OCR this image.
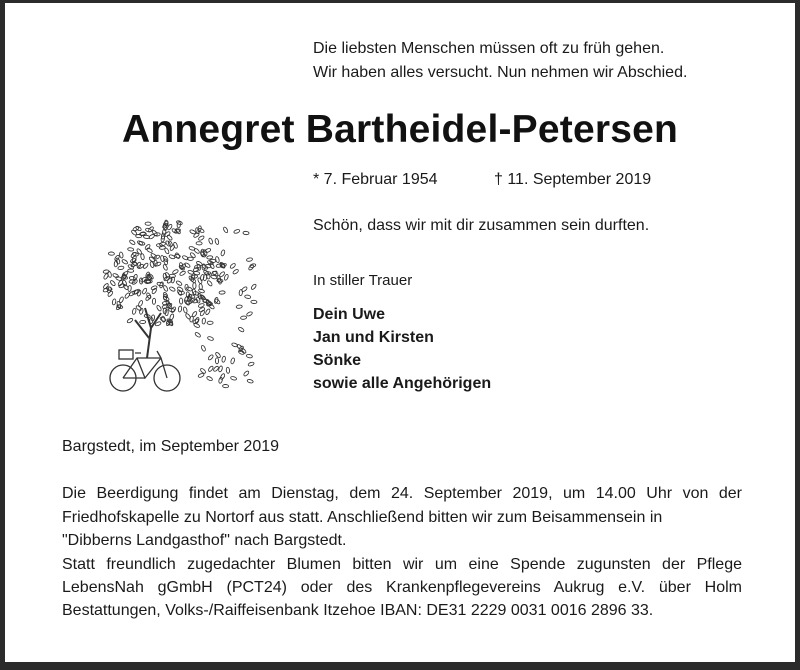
Die liebsten Menschen müssen oft zu früh gehen.
Wir haben alles versucht. Nun nehmen wir Abschied.
Annegret Bartheidel-Petersen
* 7. Februar 1954	† 11. September 2019
Schön, dass wir mit dir zusammen sein durften.
In stiller Trauer
Dein Uwe
Jan und Kirsten
Sönke
sowie alle Angehörigen
Bargstedt, im September 2019
Die Beerdigung findet am Dienstag, dem 24. September 2019, um 14.00 Uhr von der
Friedhofskapelle zu Nortorf aus statt. Anschließend bitten wir zum Beisammensein in
"Dibberns Landgasthof" nach Bargstedt.
Statt freundlich zugedachter Blumen bitten wir um eine Spende zugunsten der Pflege
LebensNah gGmbH (PCT24) oder des Krankenpflegevereins Aukrug e.V. über Holm
Bestattungen, Volks-/Raiffeisenbank Itzehoe IBAN: DE31 2229 0031 0016 2896 33.
